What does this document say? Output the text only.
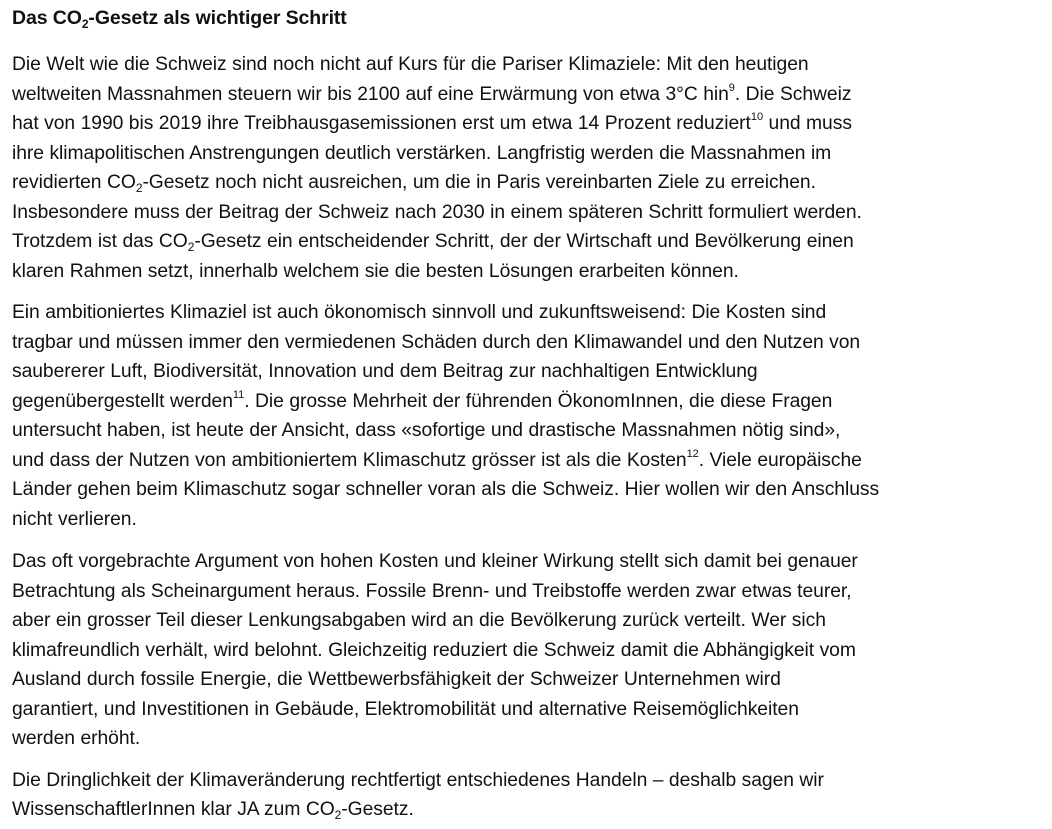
Das $CO_2$-Gesetz als wichtiger Schritt

Die Welt wie die Schweiz sind noch nicht auf Kurs für die Pariser Klimaziele: Mit den heutigen
weltweiten Massnahmen steuern wir bis 2100 auf eine Erwärmung von etwa 3°C hin$^9$. Die Schweiz
hat von 1990 bis 2019 ihre Treibhausgasemissionen erst um etwa 14 Prozent reduziert$^{10}$ und muss
ihre klimapolitischen Anstrengungen deutlich verstärken. Langfristig werden die Massnahmen im
revidierten $CO_2$-Gesetz noch nicht ausreichen, um die in Paris vereinbarten Ziele zu erreichen.
Insbesondere muss der Beitrag der Schweiz nach 2030 in einem späteren Schritt formuliert werden.
Trotzdem ist das $CO_2$-Gesetz ein entscheidender Schritt, der der Wirtschaft und Bevölkerung einen
klaren Rahmen setzt, innerhalb welchem sie die besten Lösungen erarbeiten können.

Ein ambitioniertes Klimaziel ist auch ökonomisch sinnvoll und zukunftsweisend: Die Kosten sind
tragbar und müssen immer den vermiedenen Schäden durch den Klimawandel und den Nutzen von
saubererer Luft, Biodiversität, Innovation und dem Beitrag zur nachhaltigen Entwicklung
gegenübergestellt werden$^{11}$. Die grosse Mehrheit der führenden ÖkonomInnen, die diese Fragen
untersucht haben, ist heute der Ansicht, dass «sofortige und drastische Massnahmen nötig sind»,
und dass der Nutzen von ambitioniertem Klimaschutz grösser ist als die Kosten$^{12}$. Viele europäische
Länder gehen beim Klimaschutz sogar schneller voran als die Schweiz. Hier wollen wir den Anschluss
nicht verlieren.

Das oft vorgebrachte Argument von hohen Kosten und kleiner Wirkung stellt sich damit bei genauer
Betrachtung als Scheinargument heraus. Fossile Brenn- und Treibstoffe werden zwar etwas teurer,
aber ein grosser Teil dieser Lenkungsabgaben wird an die Bevölkerung zurück verteilt. Wer sich
klimafreundlich verhält, wird belohnt. Gleichzeitig reduziert die Schweiz damit die Abhängigkeit vom
Ausland durch fossile Energie, die Wettbewerbsfähigkeit der Schweizer Unternehmen wird
garantiert, und Investitionen in Gebäude, Elektromobilität und alternative Reisemöglichkeiten
werden erhöht.

Die Dringlichkeit der Klimaveränderung rechtfertigt entschiedenes Handeln – deshalb sagen wir
WissenschaftlerInnen klar JA zum $CO_2$-Gesetz.
